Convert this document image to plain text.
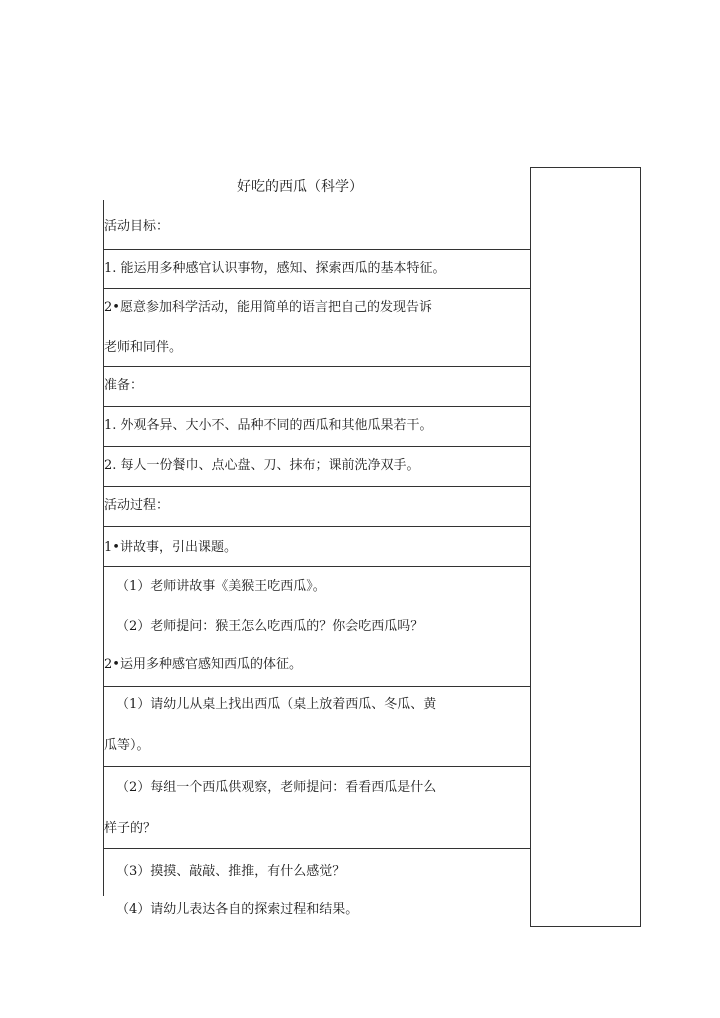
好吃的西瓜（科学）
活动目标：
1. 能运用多种感官认识事物，感知、探索西瓜的基本特征。
2•愿意参加科学活动，能用简单的语言把自己的发现告诉
老师和同伴。
准备：
1. 外观各异、大小不、品种不同的西瓜和其他瓜果若干。
2. 每人一份餐巾、点心盘、刀、抹布；课前洗净双手。
活动过程：
1•讲故事，引出课题。
（1）老师讲故事《美猴王吃西瓜》。
（2）老师提问：猴王怎么吃西瓜的？你会吃西瓜吗？
2•运用多种感官感知西瓜的体征。
（1）请幼儿从桌上找出西瓜（桌上放着西瓜、冬瓜、黄
瓜等）。
（2）每组一个西瓜供观察，老师提问：看看西瓜是什么
样子的？
（3）摸摸、敲敲、推推，有什么感觉？
（4）请幼儿表达各自的探索过程和结果。
